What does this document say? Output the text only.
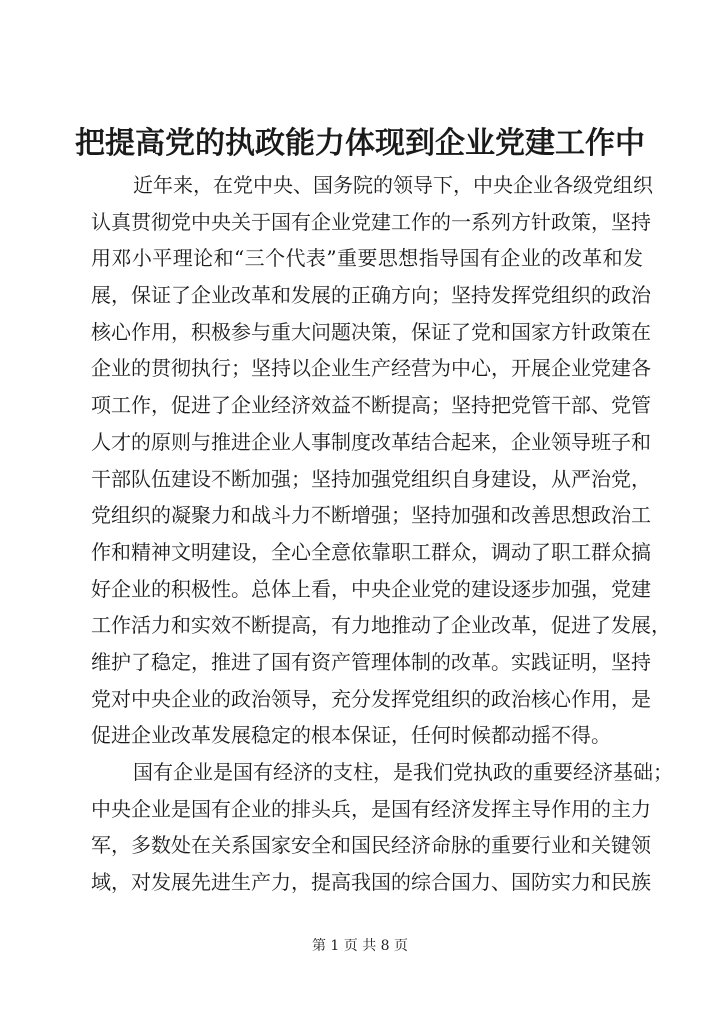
把提高党的执政能力体现到企业党建工作中
近年来，在党中央、国务院的领导下，中央企业各级党组织
认真贯彻党中央关于国有企业党建工作的一系列方针政策，坚持
用邓小平理论和“三个代表”重要思想指导国有企业的改革和发
展，保证了企业改革和发展的正确方向；坚持发挥党组织的政治
核心作用，积极参与重大问题决策，保证了党和国家方针政策在
企业的贯彻执行；坚持以企业生产经营为中心，开展企业党建各
项工作，促进了企业经济效益不断提高；坚持把党管干部、党管
人才的原则与推进企业人事制度改革结合起来，企业领导班子和
干部队伍建设不断加强；坚持加强党组织自身建设，从严治党，
党组织的凝聚力和战斗力不断增强；坚持加强和改善思想政治工
作和精神文明建设，全心全意依靠职工群众，调动了职工群众搞
好企业的积极性。总体上看，中央企业党的建设逐步加强，党建
工作活力和实效不断提高，有力地推动了企业改革，促进了发展，
维护了稳定，推进了国有资产管理体制的改革。实践证明，坚持
党对中央企业的政治领导，充分发挥党组织的政治核心作用，是
促进企业改革发展稳定的根本保证，任何时候都动摇不得。
国有企业是国有经济的支柱，是我们党执政的重要经济基础；
中央企业是国有企业的排头兵，是国有经济发挥主导作用的主力
军，多数处在关系国家安全和国民经济命脉的重要行业和关键领
域，对发展先进生产力，提高我国的综合国力、国防实力和民族
第 1 页 共 8 页
